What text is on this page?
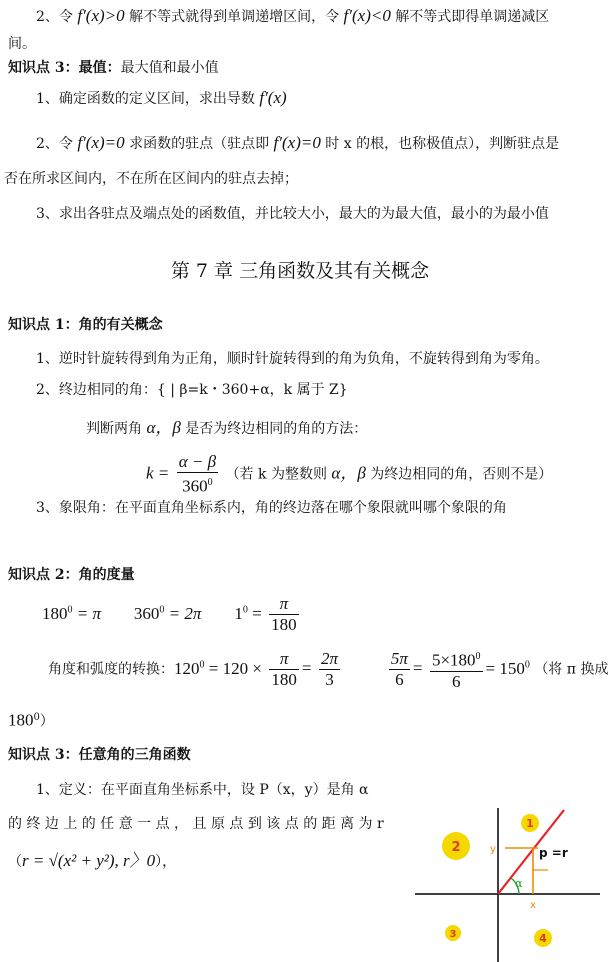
2、令 f′(x)>0 解不等式就得到单调递增区间，令 f′(x)<0 解不等式即得单调递减区
间。
知识点 3：最值：最大值和最小值
1、确定函数的定义区间，求出导数 f′(x)
2、令 f′(x)=0 求函数的驻点（驻点即 f′(x)=0 时 x 的根，也称极值点），判断驻点是
否在所求区间内，不在所在区间内的驻点去掉；
3、求出各驻点及端点处的函数值，并比较大小，最大的为最大值，最小的为最小值
第 7 章 三角函数及其有关概念
知识点 1：角的有关概念
1、逆时针旋转得到角为正角，顺时针旋转得到的角为负角，不旋转得到角为零角。
2、终边相同的角：{ | β=k・360+α，k 属于 Z}
判断两角 α，β 是否为终边相同的角的方法：
$k = \frac{\alpha - \beta}{360^0}$ （若 k 为整数则 α，β 为终边相同的角，否则不是）
3、象限角：在平面直角坐标系内，角的终边落在哪个象限就叫哪个象限的角
知识点 2：角的度量
$180^0 = \pi$ $360^0 = 2\pi$ $1^0 = \frac{\pi}{180}$
角度和弧度的转换：$120^0 = 120 \times \frac{\pi}{180} = \frac{2\pi}{3}$
	$\frac{5\pi}{6} = \frac{5\times 180^0}{6} = 150^0$ （将 π 换成
$180^0$）
知识点 3：任意角的三角函数
1、定义：在平面直角坐标系中，设 P（x，y）是角 α
的 终 边 上 的 任 意 一 点 ， 且 原 点 到 该 点 的 距 离 为 r
（r = √(x² + y²), r〉0），
α
y
x
p =r
1
2
3	4
